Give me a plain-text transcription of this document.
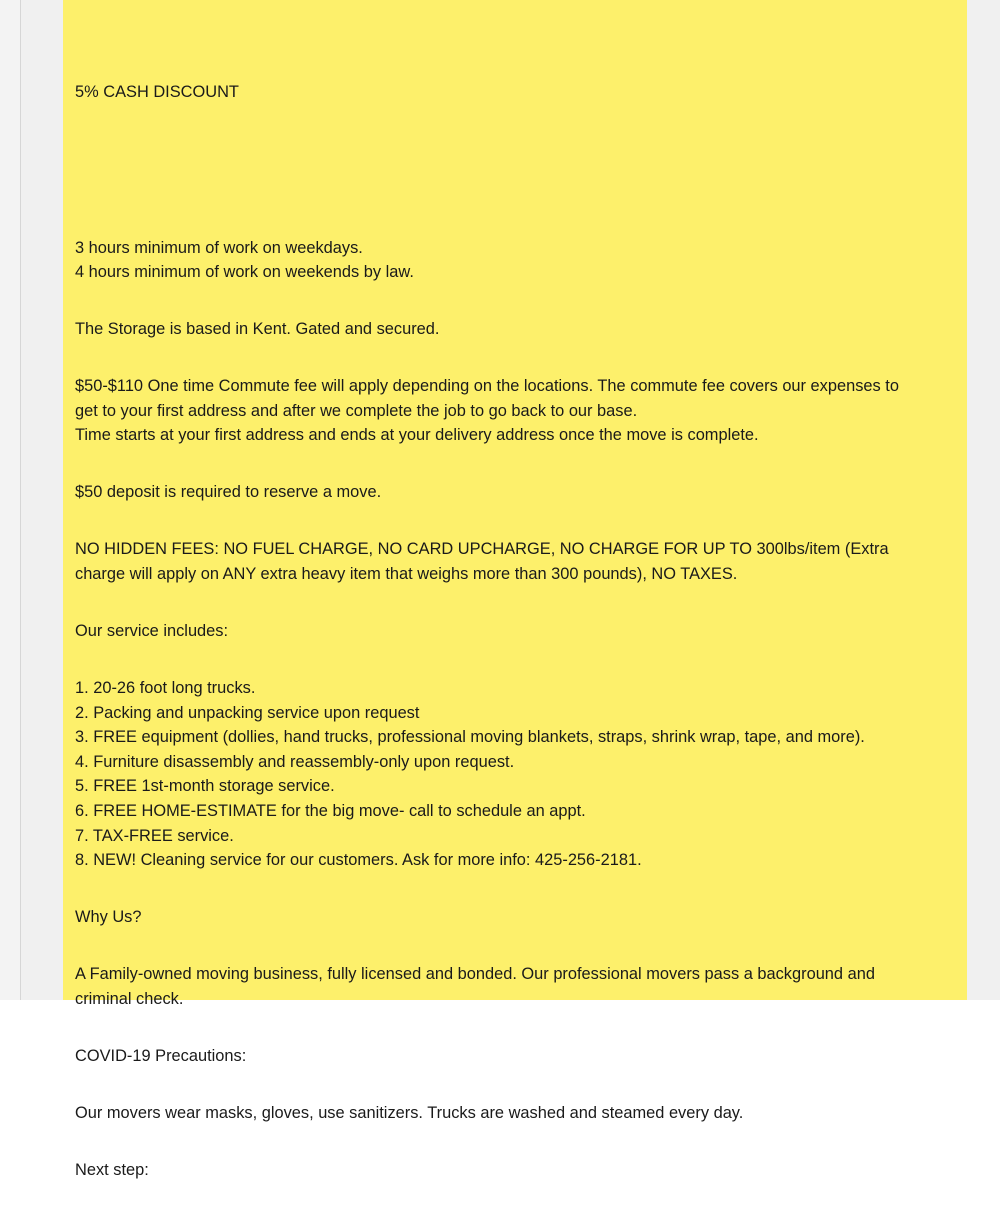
5% CASH DISCOUNT

3 hours minimum of work on weekdays.
4 hours minimum of work on weekends by law.
The Storage is based in Kent. Gated and secured.
$50-$110 One time Commute fee will apply depending on the locations. The commute fee covers our expenses to
get to your first address and after we complete the job to go back to our base.
Time starts at your first address and ends at your delivery address once the move is complete.
$50 deposit is required to reserve a move.
NO HIDDEN FEES: NO FUEL CHARGE, NO CARD UPCHARGE, NO CHARGE FOR UP TO 300lbs/item (Extra
charge will apply on ANY extra heavy item that weighs more than 300 pounds), NO TAXES.
Our service includes:
1. 20-26 foot long trucks.
2. Packing and unpacking service upon request
3. FREE equipment (dollies, hand trucks, professional moving blankets, straps, shrink wrap, tape, and more).
4. Furniture disassembly and reassembly-only upon request.
5. FREE 1st-month storage service.
6. FREE HOME-ESTIMATE for the big move- call to schedule an appt.
7. TAX-FREE service.
8. NEW! Cleaning service for our customers. Ask for more info: 425-256-2181.
Why Us?
A Family-owned moving business, fully licensed and bonded. Our professional movers pass a background and
criminal check.
COVID-19 Precautions:
Our movers wear masks, gloves, use sanitizers. Trucks are washed and steamed every day.
Next step:
